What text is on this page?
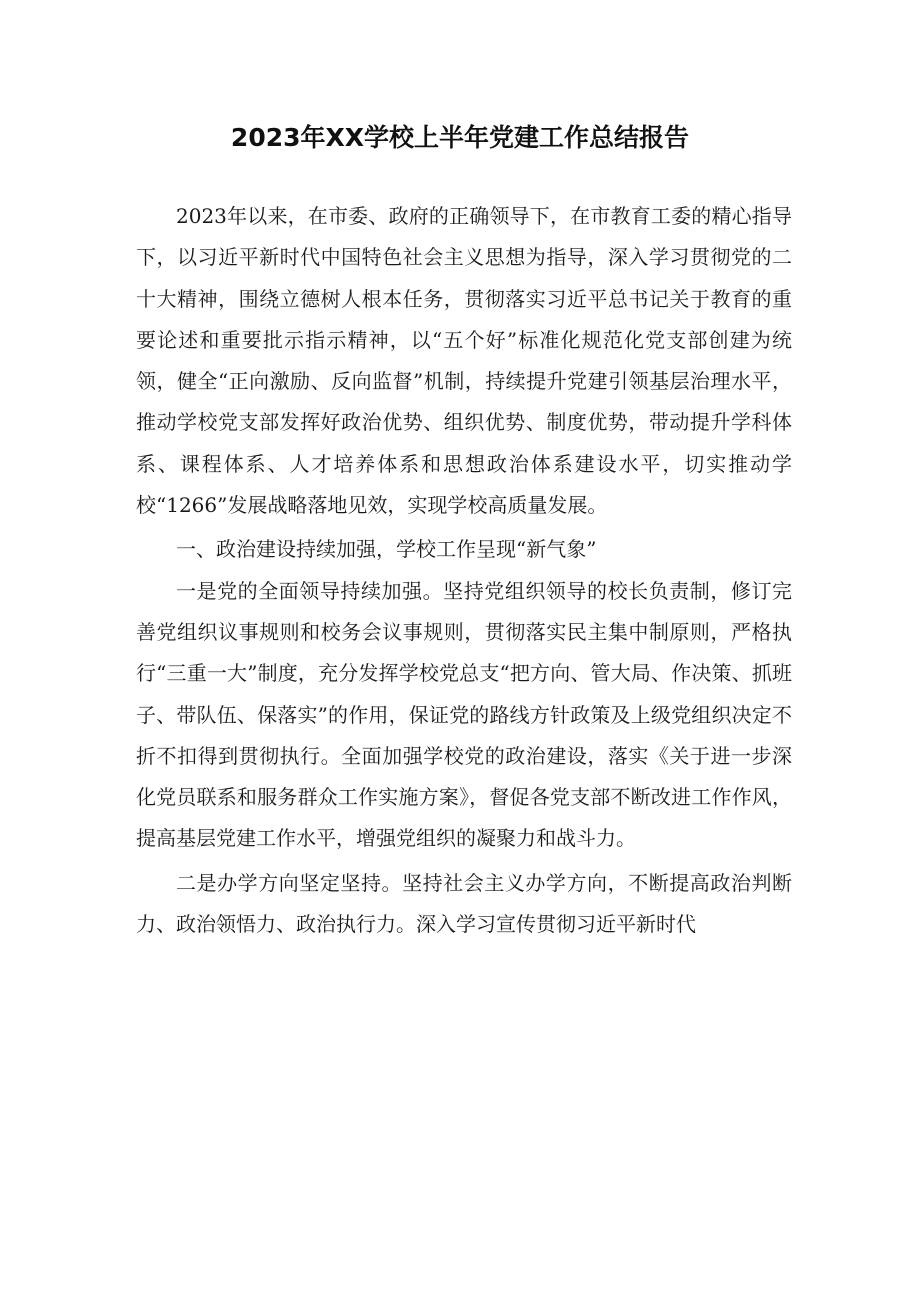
2023年XX学校上半年党建工作总结报告

2023年以来，在市委、政府的正确领导下，在市教育工委的精心指导下，以习近平新时代中国特色社会主义思想为指导，深入学习贯彻党的二十大精神，围绕立德树人根本任务，贯彻落实习近平总书记关于教育的重要论述和重要批示指示精神，以“五个好”标准化规范化党支部创建为统领，健全“正向激励、反向监督”机制，持续提升党建引领基层治理水平，推动学校党支部发挥好政治优势、组织优势、制度优势，带动提升学科体系、课程体系、人才培养体系和思想政治体系建设水平，切实推动学校“1266”发展战略落地见效，实现学校高质量发展。

一、政治建设持续加强，学校工作呈现“新气象”

一是党的全面领导持续加强。坚持党组织领导的校长负责制，修订完善党组织议事规则和校务会议事规则，贯彻落实民主集中制原则，严格执行“三重一大”制度，充分发挥学校党总支“把方向、管大局、作决策、抓班子、带队伍、保落实”的作用，保证党的路线方针政策及上级党组织决定不折不扣得到贯彻执行。全面加强学校党的政治建设，落实《关于进一步深化党员联系和服务群众工作实施方案》，督促各党支部不断改进工作作风，提高基层党建工作水平，增强党组织的凝聚力和战斗力。

二是办学方向坚定坚持。坚持社会主义办学方向，不断提高政治判断力、政治领悟力、政治执行力。深入学习宣传贯彻习近平新时代
